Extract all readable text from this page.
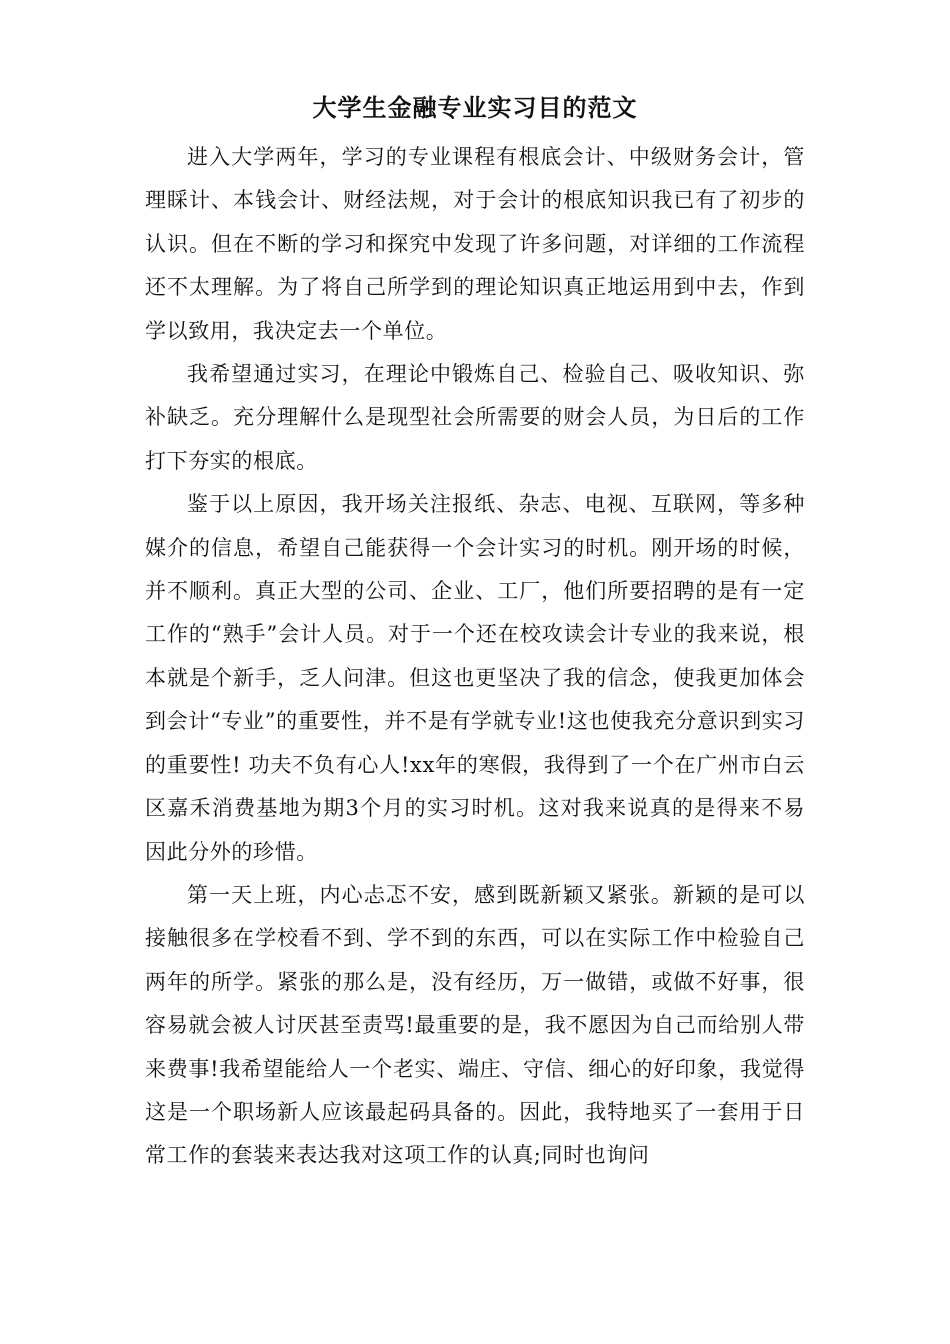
大学生金融专业实习目的范文

进入大学两年，学习的专业课程有根底会计、中级财务会计，管理睬计、本钱会计、财经法规，对于会计的根底知识我已有了初步的认识。但在不断的学习和探究中发现了许多问题，对详细的工作流程还不太理解。为了将自己所学到的理论知识真正地运用到中去，作到学以致用，我决定去一个单位。

我希望通过实习，在理论中锻炼自己、检验自己、吸收知识、弥补缺乏。充分理解什么是现型社会所需要的财会人员，为日后的工作打下夯实的根底。

鉴于以上原因，我开场关注报纸、杂志、电视、互联网，等多种媒介的信息，希望自己能获得一个会计实习的时机。刚开场的时候，并不顺利。真正大型的公司、企业、工厂，他们所要招聘的是有一定工作的“熟手”会计人员。对于一个还在校攻读会计专业的我来说，根本就是个新手，乏人问津。但这也更坚决了我的信念，使我更加体会到会计“专业”的重要性，并不是有学就专业!这也使我充分意识到实习的重要性! 功夫不负有心人!xx年的寒假，我得到了一个在广州市白云区嘉禾消费基地为期3个月的实习时机。这对我来说真的是得来不易因此分外的珍惜。

第一天上班，内心忐忑不安，感到既新颖又紧张。新颖的是可以接触很多在学校看不到、学不到的东西，可以在实际工作中检验自己两年的所学。紧张的那么是，没有经历，万一做错，或做不好事，很容易就会被人讨厌甚至责骂!最重要的是，我不愿因为自己而给别人带来费事!我希望能给人一个老实、端庄、守信、细心的好印象，我觉得这是一个职场新人应该最起码具备的。因此，我特地买了一套用于日常工作的套装来表达我对这项工作的认真;同时也询问
